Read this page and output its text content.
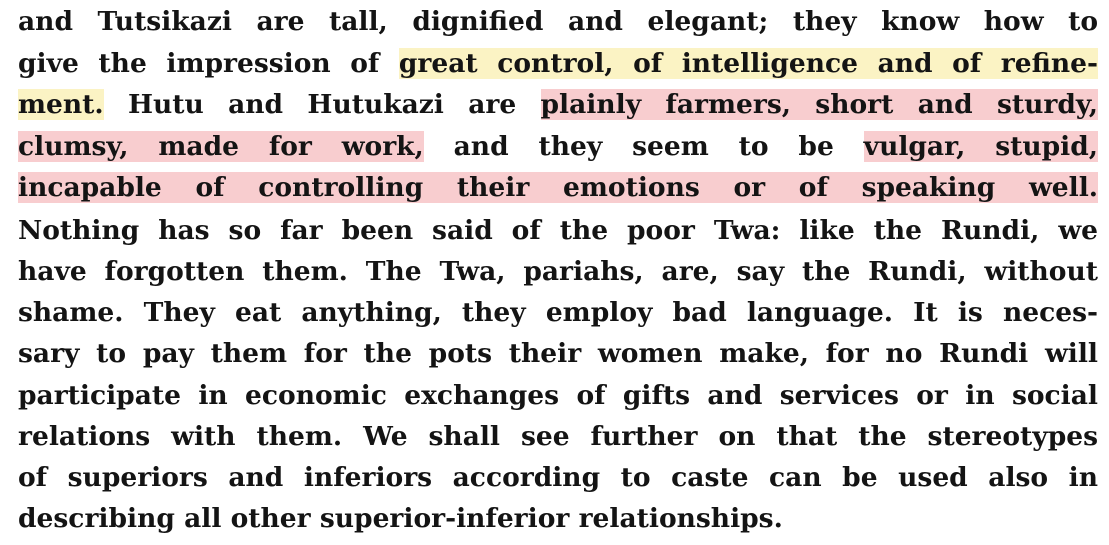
and Tutsikazi are tall, dignified and elegant; they know how to
give the impression of great control, of intelligence and of refine-
ment. Hutu and Hutukazi are plainly farmers, short and sturdy,
clumsy, made for work, and they seem to be vulgar, stupid,
incapable of controlling their emotions or of speaking well.
Nothing has so far been said of the poor Twa: like the Rundi, we
have forgotten them. The Twa, pariahs, are, say the Rundi, without
shame. They eat anything, they employ bad language. It is neces-
sary to pay them for the pots their women make, for no Rundi will
participate in economic exchanges of gifts and services or in social
relations with them. We shall see further on that the stereotypes
of superiors and inferiors according to caste can be used also in
describing all other superior-inferior relationships.
